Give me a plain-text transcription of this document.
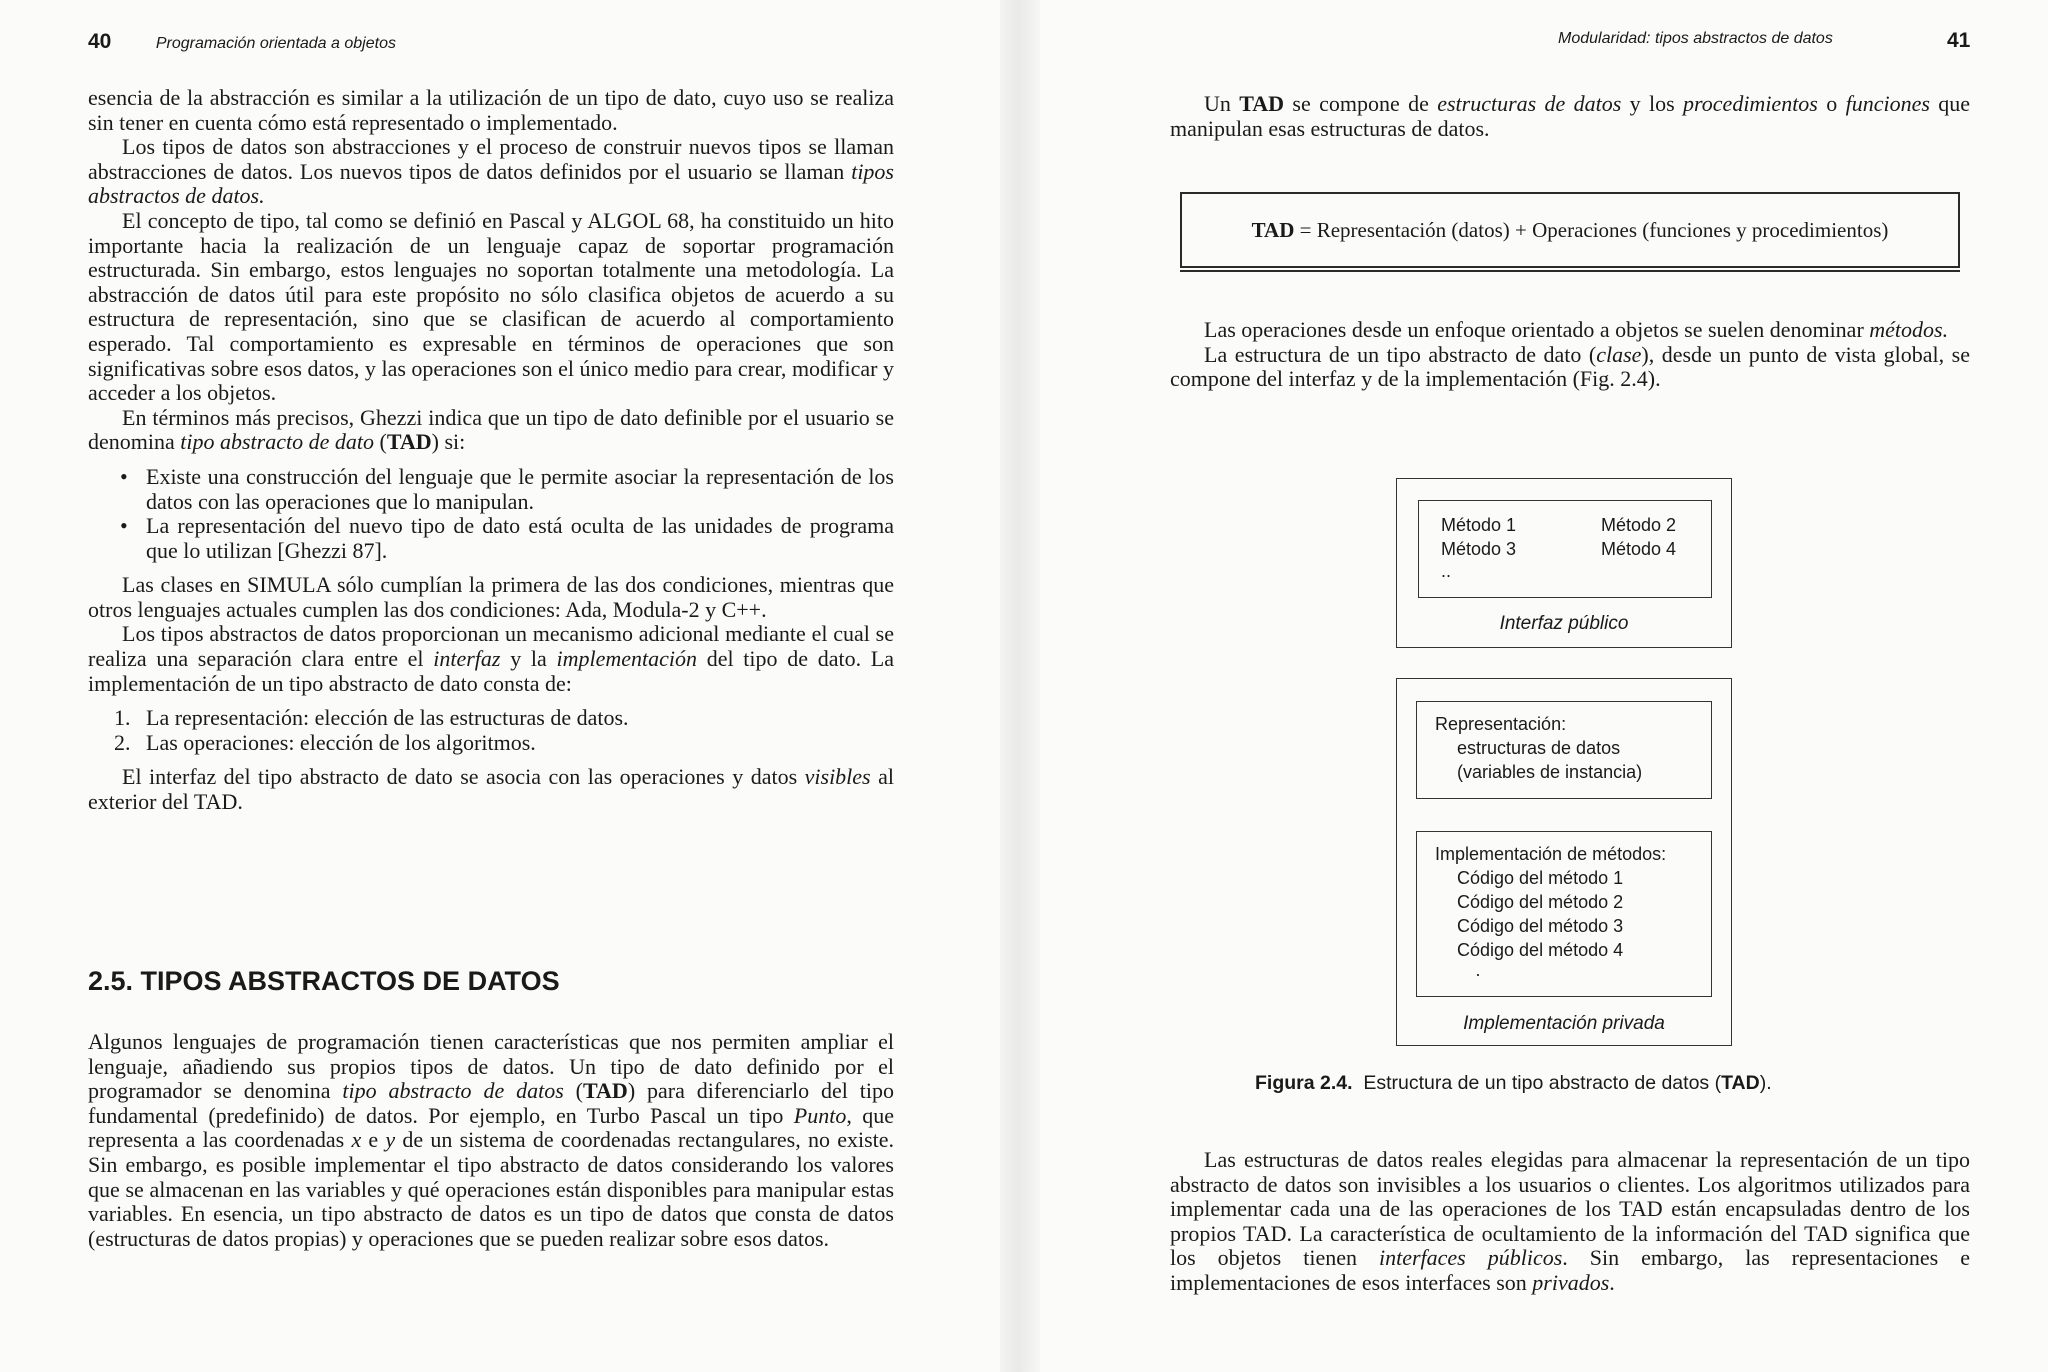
40	Programación orientada a objetos

esencia de la abstracción es similar a la utilización de un tipo de dato, cuyo uso se realiza sin tener en cuenta cómo está representado o implementado.

Los tipos de datos son abstracciones y el proceso de construir nuevos tipos se llaman abstracciones de datos. Los nuevos tipos de datos definidos por el usuario se llaman tipos abstractos de datos.

El concepto de tipo, tal como se definió en Pascal y ALGOL 68, ha constituido un hito importante hacia la realización de un lenguaje capaz de soportar programación estructurada. Sin embargo, estos lenguajes no soportan totalmente una metodología. La abstracción de datos útil para este propósito no sólo clasifica objetos de acuerdo a su estructura de representación, sino que se clasifican de acuerdo al comportamiento esperado. Tal comportamiento es expresable en términos de operaciones que son significativas sobre esos datos, y las operaciones son el único medio para crear, modificar y acceder a los objetos.

En términos más precisos, Ghezzi indica que un tipo de dato definible por el usuario se denomina tipo abstracto de dato (TAD) si:

• Existe una construcción del lenguaje que le permite asociar la representación de los datos con las operaciones que lo manipulan.
• La representación del nuevo tipo de dato está oculta de las unidades de programa que lo utilizan [Ghezzi 87].

Las clases en SIMULA sólo cumplían la primera de las dos condiciones, mientras que otros lenguajes actuales cumplen las dos condiciones: Ada, Modula-2 y C++.

Los tipos abstractos de datos proporcionan un mecanismo adicional mediante el cual se realiza una separación clara entre el interfaz y la implementación del tipo de dato. La implementación de un tipo abstracto de dato consta de:

1. La representación: elección de las estructuras de datos.
2. Las operaciones: elección de los algoritmos.

El interfaz del tipo abstracto de dato se asocia con las operaciones y datos visibles al exterior del TAD.

2.5. TIPOS ABSTRACTOS DE DATOS

Algunos lenguajes de programación tienen características que nos permiten ampliar el lenguaje, añadiendo sus propios tipos de datos. Un tipo de dato definido por el programador se denomina tipo abstracto de datos (TAD) para diferenciarlo del tipo fundamental (predefinido) de datos. Por ejemplo, en Turbo Pascal un tipo Punto, que representa a las coordenadas x e y de un sistema de coordenadas rectangulares, no existe. Sin embargo, es posible implementar el tipo abstracto de datos considerando los valores que se almacenan en las variables y qué operaciones están disponibles para manipular estas variables. En esencia, un tipo abstracto de datos es un tipo de datos que consta de datos (estructuras de datos propias) y operaciones que se pueden realizar sobre esos datos.

Modularidad: tipos abstractos de datos	41

Un TAD se compone de estructuras de datos y los procedimientos o funciones que manipulan esas estructuras de datos.

TAD = Representación (datos) + Operaciones (funciones y procedimientos)

Las operaciones desde un enfoque orientado a objetos se suelen denominar métodos.

La estructura de un tipo abstracto de dato (clase), desde un punto de vista global, se compone del interfaz y de la implementación (Fig. 2.4).

Método 1	Método 2
Método 3	Método 4
..
Interfaz público
Representación:
estructuras de datos
(variables de instancia)
Implementación de métodos:
Código del método 1
Código del método 2
Código del método 3
Código del método 4
·
Implementación privada
Figura 2.4. Estructura de un tipo abstracto de datos (TAD).

Las estructuras de datos reales elegidas para almacenar la representación de un tipo abstracto de datos son invisibles a los usuarios o clientes. Los algoritmos utilizados para implementar cada una de las operaciones de los TAD están encapsuladas dentro de los propios TAD. La característica de ocultamiento de la información del TAD significa que los objetos tienen interfaces públicos. Sin embargo, las representaciones e implementaciones de esos interfaces son privados.
